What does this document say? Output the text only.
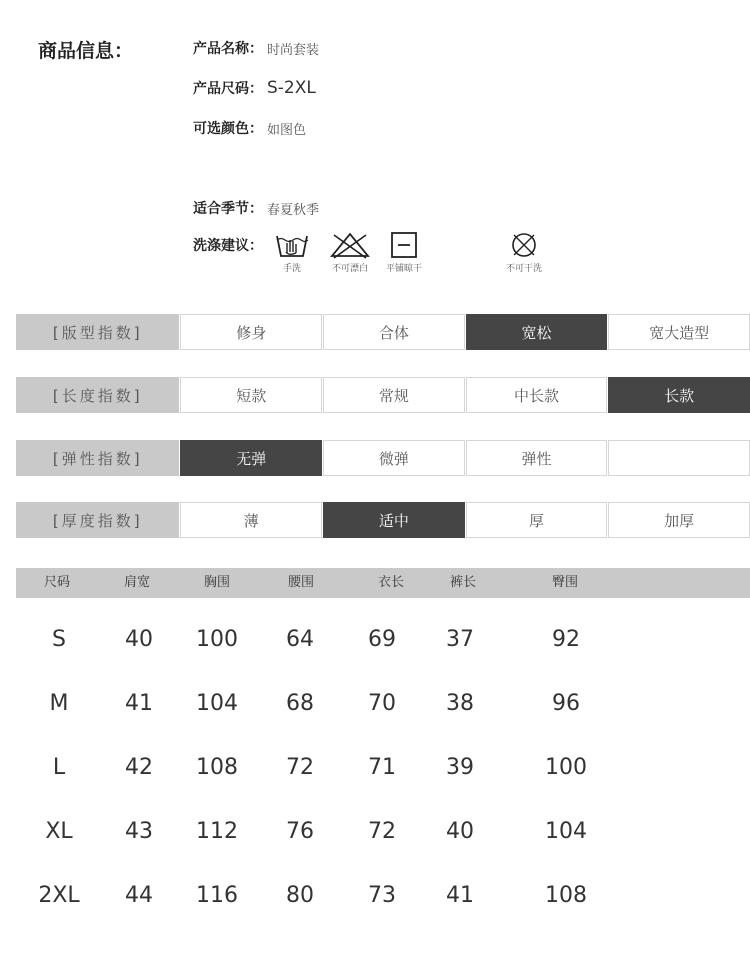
商品信息：	产品名称： 时尚套装
产品尺码： S-2XL
可选颜色： 如图色
适合季节： 春夏秋季
洗涤建议：
手洗	不可漂白	平铺晾干	不可干洗
[版型指数]	修身	合体	宽松	宽大造型
[长度指数]	短款	常规	中长款	长款
[弹性指数]	无弹	微弹	弹性
[厚度指数]	薄	适中	厚	加厚
尺码	肩宽	胸围	腰围	衣长	裤长	臀围
S	40 100 64 69 37	92
M	41 104 68 70 38	96
L	42 108 72 71 39	100
XL 43 112 76 72 40	104
2XL 44 116 80 73 41	108
